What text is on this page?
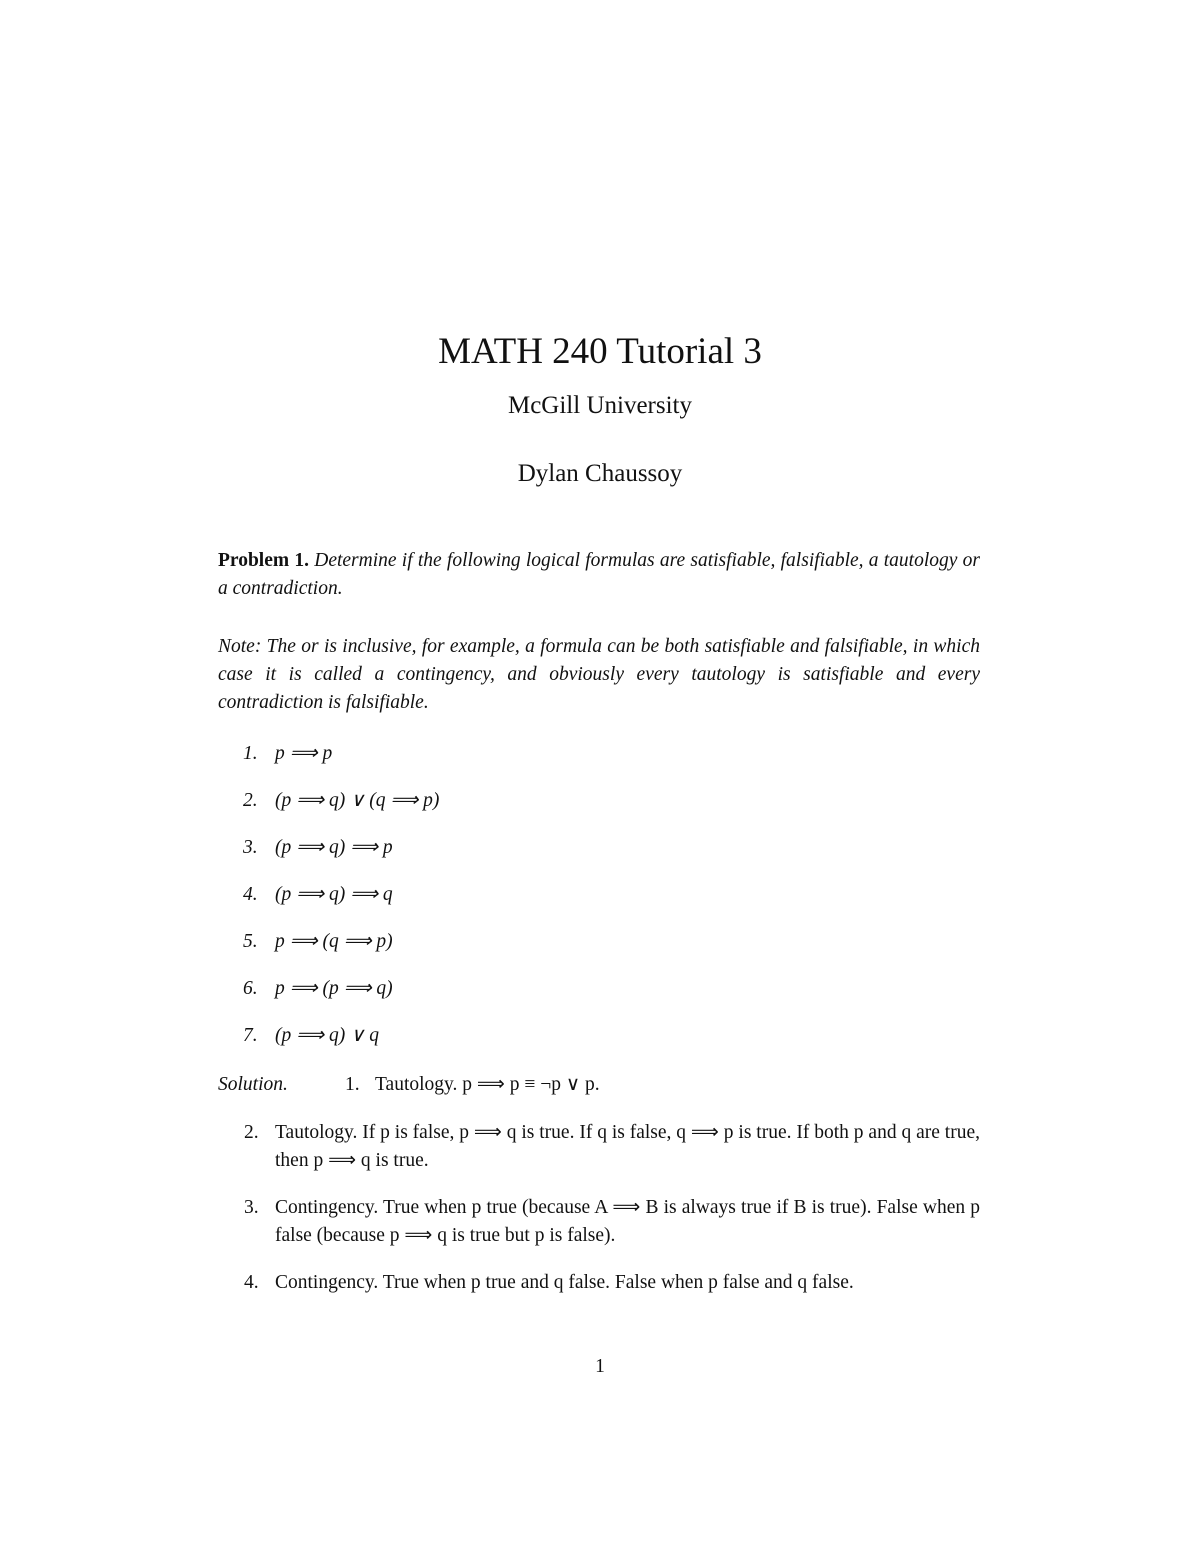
MATH 240 Tutorial 3
McGill University
Dylan Chaussoy
Problem 1. Determine if the following logical formulas are satisfiable, falsifiable, a tautology or a contradiction.
Note: The or is inclusive, for example, a formula can be both satisfiable and falsifiable, in which case it is called a contingency, and obviously every tautology is satisfiable and every contradiction is falsifiable.
1. p ⟹ p
2. (p ⟹ q) ∨ (q ⟹ p)
3. (p ⟹ q) ⟹ p
4. (p ⟹ q) ⟹ q
5. p ⟹ (q ⟹ p)
6. p ⟹ (p ⟹ q)
7. (p ⟹ q) ∨ q
Solution.	1. Tautology. p ⟹ p ≡ ¬p ∨ p.
2. Tautology. If p is false, p ⟹ q is true. If q is false, q ⟹ p is true. If both p and q are true, then p ⟹ q is true.
3. Contingency. True when p true (because A ⟹ B is always true if B is true). False when p false (because p ⟹ q is true but p is false).
4. Contingency. True when p true and q false. False when p false and q false.
1
